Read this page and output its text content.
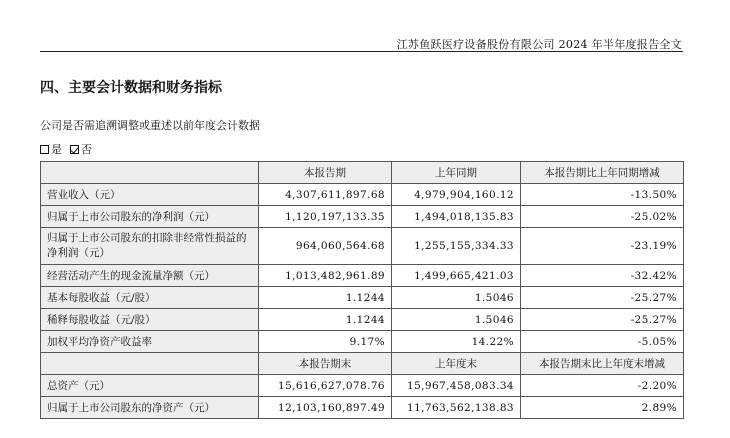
江苏鱼跃医疗设备股份有限公司 2024 年半年度报告全文
四、主要会计数据和财务指标
公司是否需追溯调整或重述以前年度会计数据
是 否
	本报告期	上年同期	本报告期比上年同期增减
营业收入（元）	4,307,611,897.68	4,979,904,160.12	-13.50%
归属于上市公司股东的净利润（元）	1,120,197,133.35	1,494,018,135.83	-25.02%
归属于上市公司股东的扣除非经常性损益的净利润（元）	964,060,564.68	1,255,155,334.33	-23.19%
经营活动产生的现金流量净额（元）	1,013,482,961.89	1,499,665,421.03	-32.42%
基本每股收益（元/股）	1.1244	1.5046	-25.27%
稀释每股收益（元/股）	1.1244	1.5046	-25.27%
加权平均净资产收益率	9.17%	14.22%	-5.05%
	本报告期末	上年度末	本报告期末比上年度末增减
总资产（元）	15,616,627,078.76	15,967,458,083.34	-2.20%
归属于上市公司股东的净资产（元）	12,103,160,897.49	11,763,562,138.83	2.89%
